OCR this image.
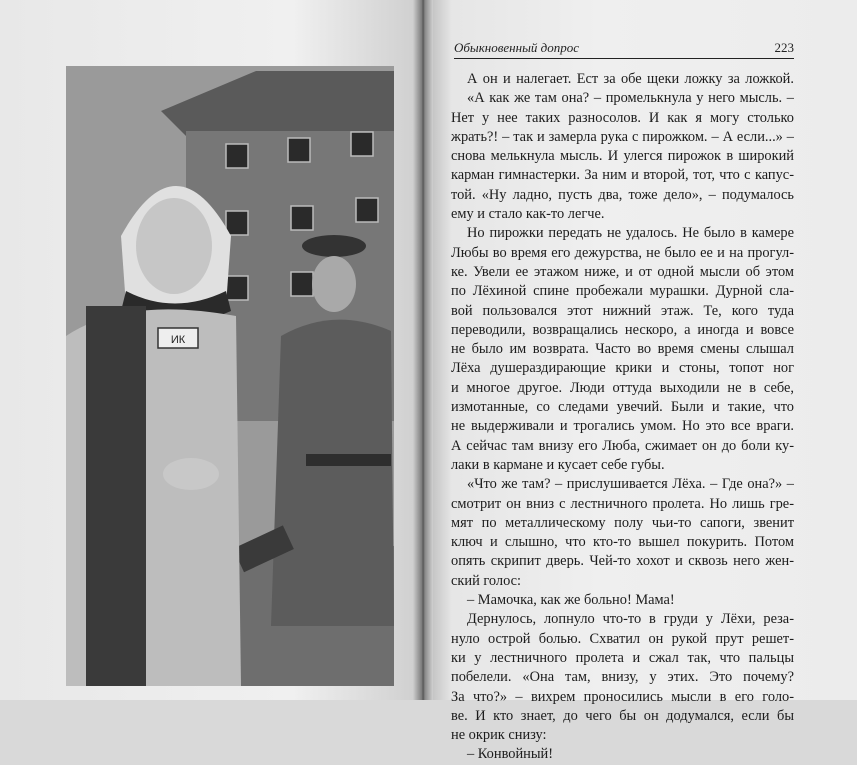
ИК
Обыкновенный допрос	223
А он и налегает. Ест за обе щеки ложку за ложкой.
«А как же там она? – промелькнула у него мысль. –
Нет у нее таких разносолов. И как я могу столько
жрать?! – так и замерла рука с пирожком. – А если...» –
снова мелькнула мысль. И улегся пирожок в широкий
карман гимнастерки. За ним и второй, тот, что с капус-
той. «Ну ладно, пусть два, тоже дело», – подумалось
ему и стало как-то легче.
Но пирожки передать не удалось. Не было в камере
Любы во время его дежурства, не было ее и на прогул-
ке. Увели ее этажом ниже, и от одной мысли об этом
по Лёхиной спине пробежали мурашки. Дурной сла-
вой пользовался этот нижний этаж. Те, кого туда
переводили, возвращались нескоро, а иногда и вовсе
не было им возврата. Часто во время смены слышал
Лёха душераздирающие крики и стоны, топот ног
и многое другое. Люди оттуда выходили не в себе,
измотанные, со следами увечий. Были и такие, что
не выдерживали и трогались умом. Но это все враги.
А сейчас там внизу его Люба, сжимает он до боли ку-
лаки в карманe и кусает себе губы.
«Что же там? – прислушивается Лёха. – Где она?» –
смотрит он вниз с лестничного пролета. Но лишь гре-
мят по металлическому полу чьи-то сапоги, звенит
ключ и слышно, что кто-то вышел покурить. Потом
опять скрипит дверь. Чей-то хохот и сквозь него жен-
ский голос:
– Мамочка, как же больно! Мама!
Дернулось, лопнуло что-то в груди у Лёхи, реза-
нуло острой болью. Схватил он рукой прут решет-
ки у лестничного пролета и сжал так, что пальцы
побелели. «Она там, внизу, у этих. Это почему?
За что?» – вихрем проносились мысли в его голо-
ве. И кто знает, до чего бы он додумался, если бы
не окрик снизу:
– Конвойный!
